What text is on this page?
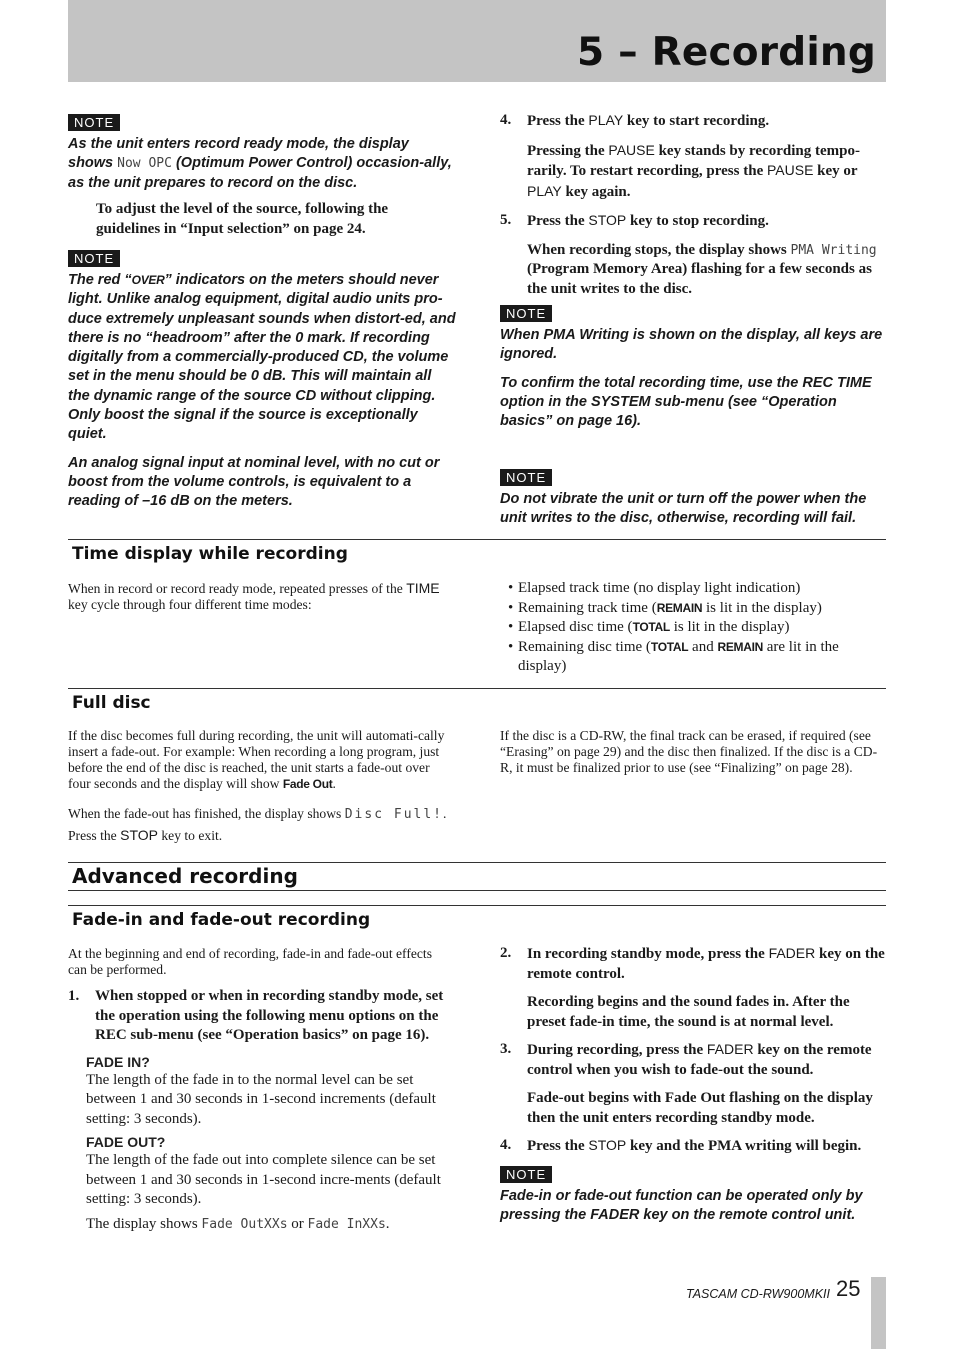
5 – Recording
NOTE

As the unit enters record ready mode, the display shows Now OPC (Optimum Power Control) occasion-ally, as the unit prepares to record on the disc.

To adjust the level of the source, following the guidelines in “Input selection” on page 24.
NOTE

The red “OVER” indicators on the meters should never light. Unlike analog equipment, digital audio units pro-duce extremely unpleasant sounds when distort-ed, and there is no “headroom” after the 0 mark. If recording digitally from a commercially-produced CD, the volume set in the menu should be 0 dB. This will maintain all the dynamic range of the source CD without clipping. Only boost the signal if the source is exceptionally quiet.

An analog signal input at nominal level, with no cut or boost from the volume controls, is equivalent to a reading of –16 dB on the meters.

4.	Press the PLAY key to start recording.
Pressing the PAUSE key stands by recording tempo-rarily. To restart recording, press the PAUSE key or PLAY key again.
5.	Press the STOP key to stop recording.
When recording stops, the display shows PMA Writing (Program Memory Area) flashing for a few seconds as the unit writes to the disc.
NOTE

When PMA Writing is shown on the display, all keys are ignored.

To confirm the total recording time, use the REC TIME option in the SYSTEM sub-menu (see “Operation basics” on page 16).

NOTE

Do not vibrate the unit or turn off the power when the unit writes to the disc, otherwise, recording will fail.

Time display while recording
When in record or record ready mode, repeated presses of the TIME key cycle through four different time modes:
• Elapsed track time (no display light indication)
• Remaining track time (REMAIN is lit in the display)
• Elapsed disc time (TOTAL is lit in the display)
• Remaining disc time (TOTAL and REMAIN are lit in the display)
Full disc
If the disc becomes full during recording, the unit will automati-cally insert a fade-out. For example: When recording a long program, just before the end of the disc is reached, the unit starts a fade-out over four seconds and the display will show Fade Out.
When the fade-out has finished, the display shows Disc Full!. Press the STOP key to exit.
If the disc is a CD-RW, the final track can be erased, if required (see “Erasing” on page 29) and the disc then finalized. If the disc is a CD-R, it must be finalized prior to use (see “Finalizing” on page 28).
Advanced recording
Fade-in and fade-out recording
At the beginning and end of recording, fade-in and fade-out effects can be performed.
1.	When stopped or when in recording standby mode, set the operation using the following menu options on the REC sub-menu (see “Operation basics” on page 16).
FADE IN?
The length of the fade in to the normal level can be set between 1 and 30 seconds in 1-second increments (default setting: 3 seconds).
FADE OUT?
The length of the fade out into complete silence can be set between 1 and 30 seconds in 1-second incre-ments (default setting: 3 seconds).
The display shows Fade OutXXs or Fade InXXs.
2.	In recording standby mode, press the FADER key on the remote control.
Recording begins and the sound fades in. After the preset fade-in time, the sound is at normal level.
3.	During recording, press the FADER key on the remote control when you wish to fade-out the sound.
Fade-out begins with Fade Out flashing on the display then the unit enters recording standby mode.
4.	Press the STOP key and the PMA writing will begin.
NOTE

Fade-in or fade-out function can be operated only by pressing the FADER key on the remote control unit.

TASCAM CD-RW900MKII 25
